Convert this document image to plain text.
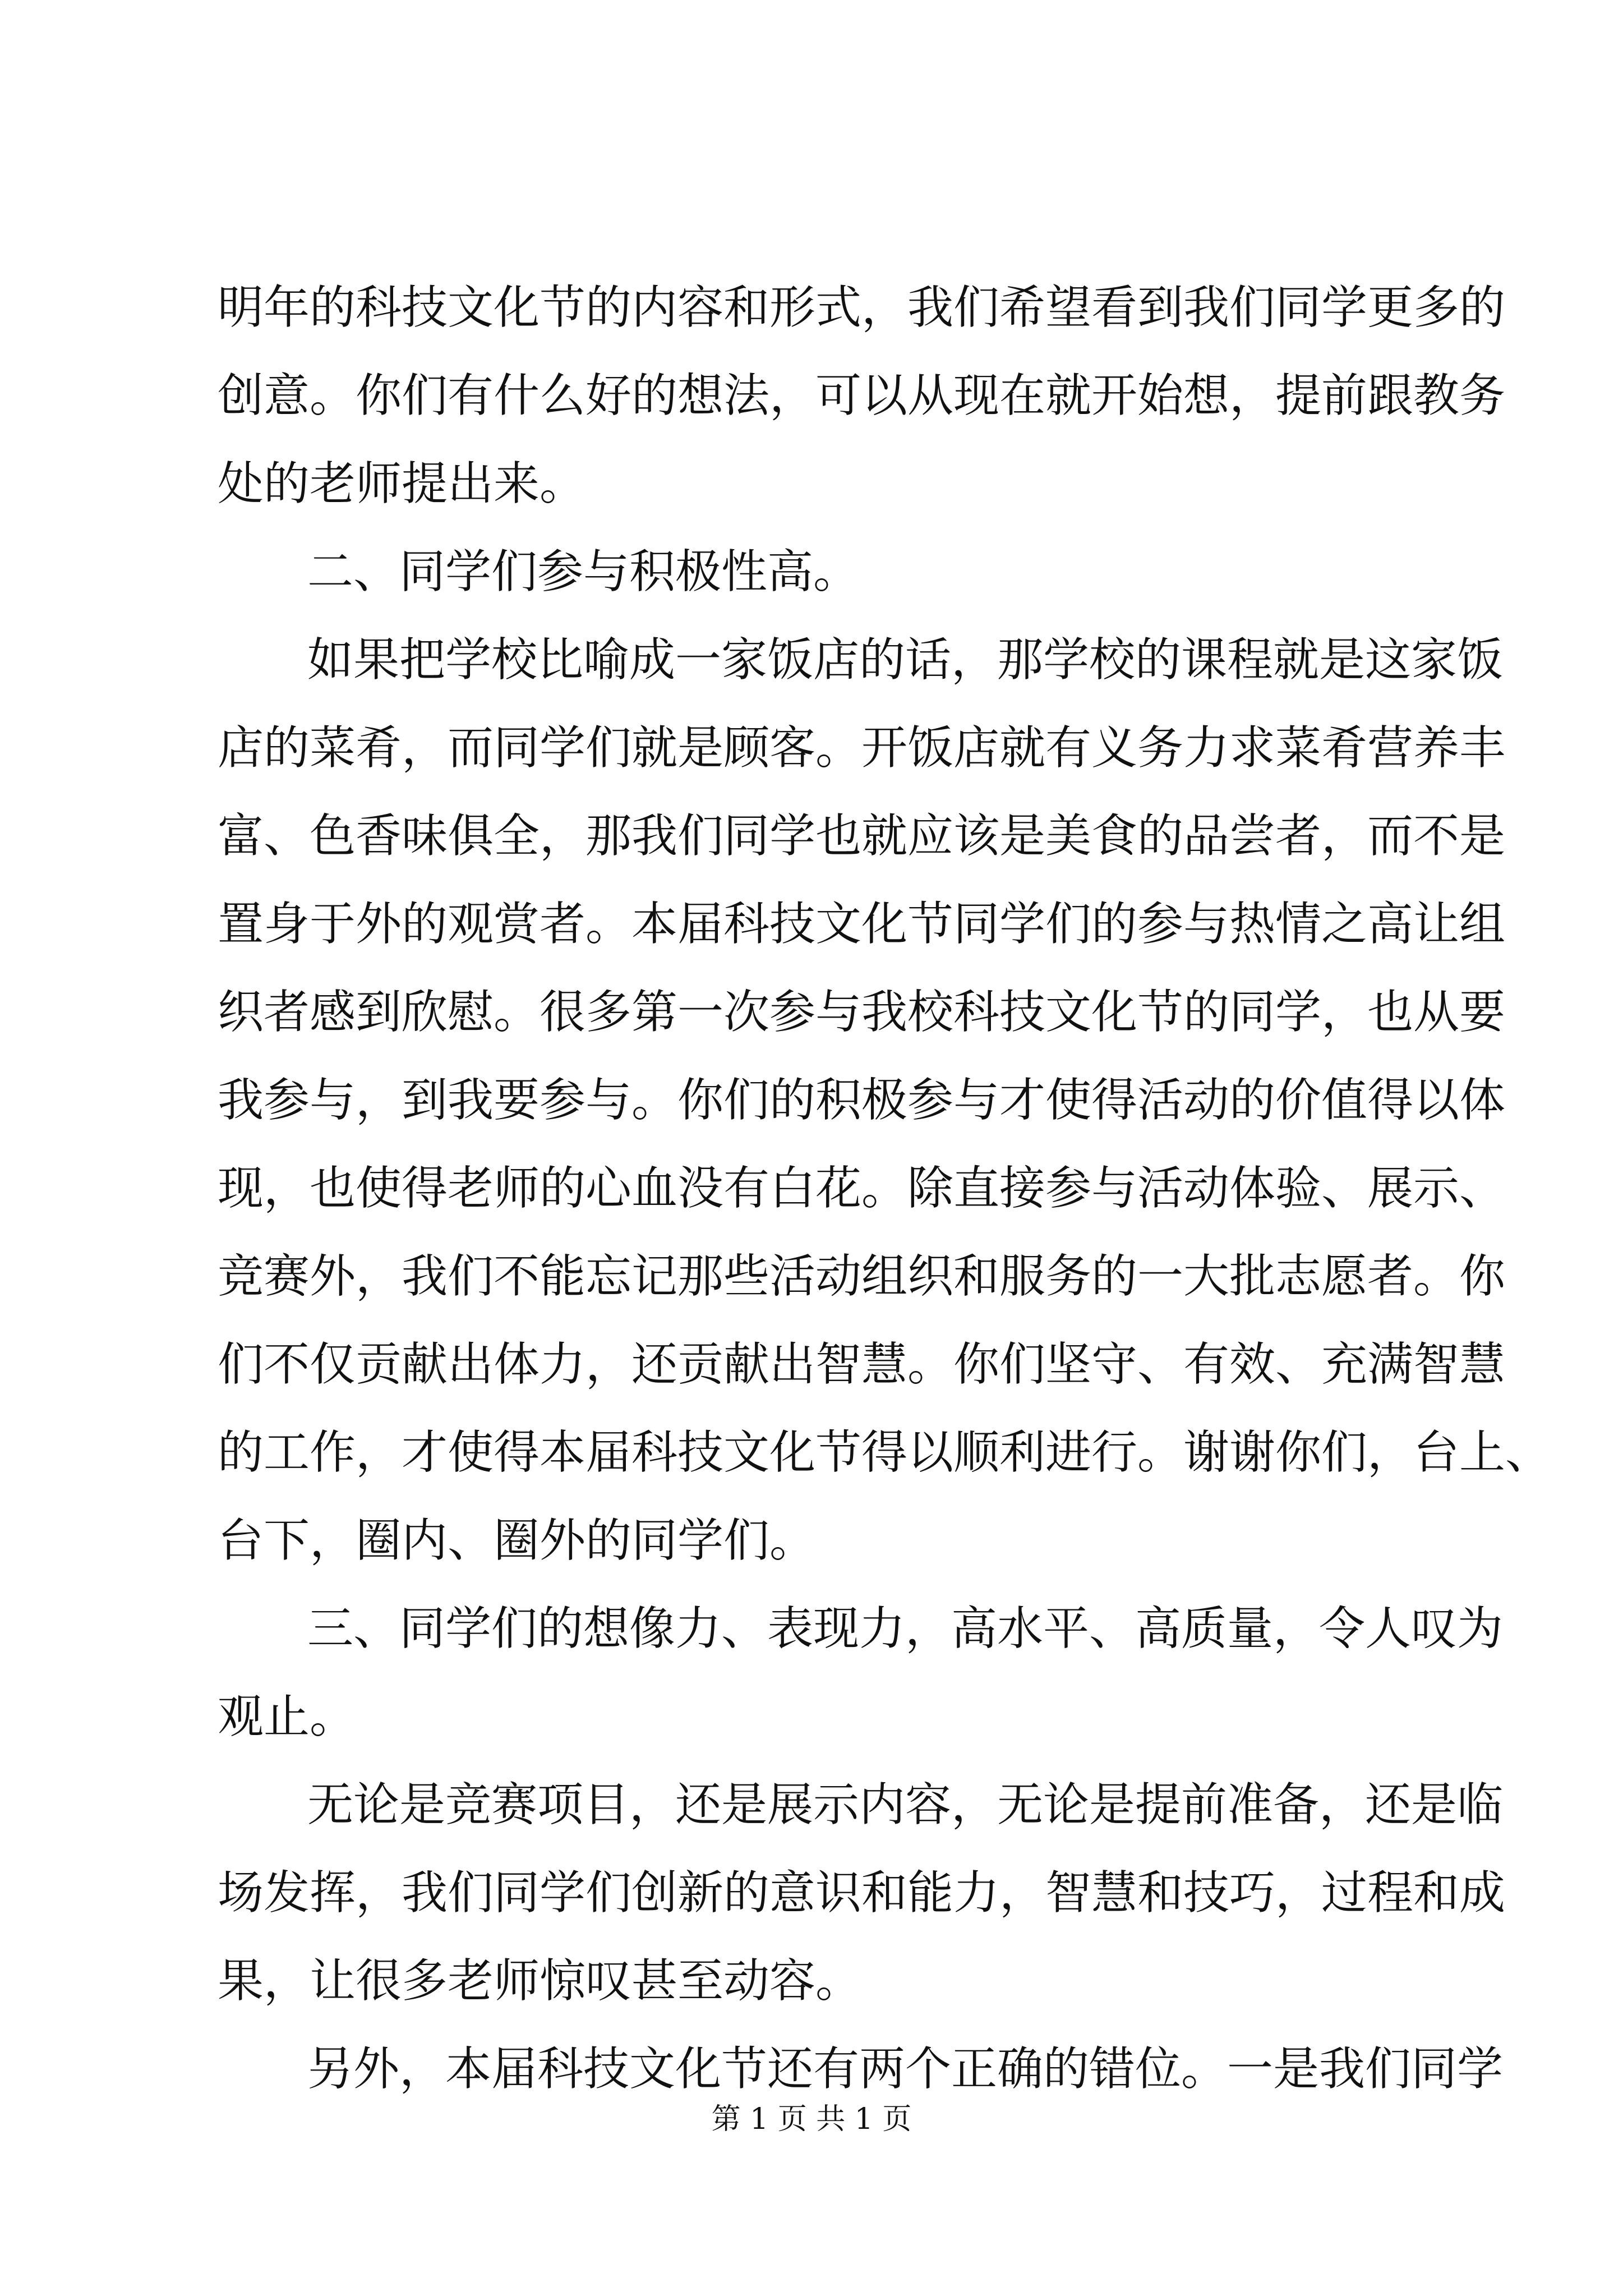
明年的科技文化节的内容和形式，我们希望看到我们同学更多的
创意。你们有什么好的想法，可以从现在就开始想，提前跟教务
处的老师提出来。
二、同学们参与积极性高。
如果把学校比喻成一家饭店的话，那学校的课程就是这家饭
店的菜肴，而同学们就是顾客。开饭店就有义务力求菜肴营养丰
富、色香味俱全，那我们同学也就应该是美食的品尝者，而不是
置身于外的观赏者。本届科技文化节同学们的参与热情之高让组
织者感到欣慰。很多第一次参与我校科技文化节的同学，也从要
我参与，到我要参与。你们的积极参与才使得活动的价值得以体
现，也使得老师的心血没有白花。除直接参与活动体验、展示、
竞赛外，我们不能忘记那些活动组织和服务的一大批志愿者。你
们不仅贡献出体力，还贡献出智慧。你们坚守、有效、充满智慧
的工作，才使得本届科技文化节得以顺利进行。谢谢你们，台上、
台下，圈内、圈外的同学们。
三、同学们的想像力、表现力，高水平、高质量，令人叹为
观止。
无论是竞赛项目，还是展示内容，无论是提前准备，还是临
场发挥，我们同学们创新的意识和能力，智慧和技巧，过程和成
果，让很多老师惊叹甚至动容。
另外，本届科技文化节还有两个正确的错位。一是我们同学
第 1 页 共 1 页
